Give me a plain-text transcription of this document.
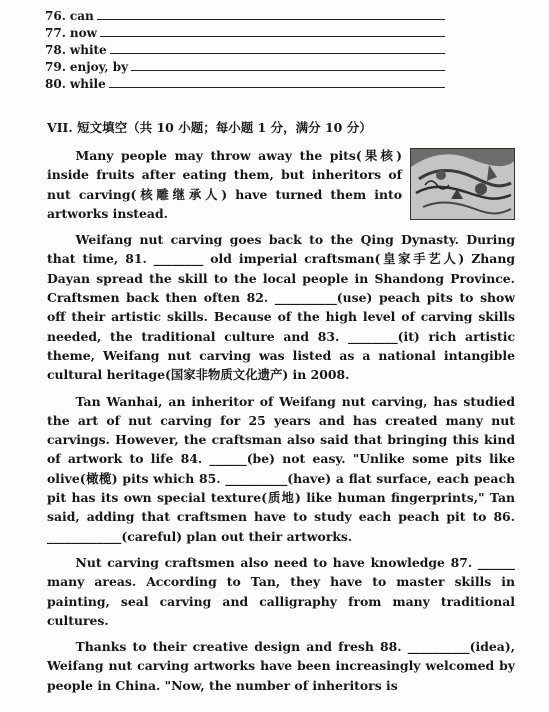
76. can
77. now
78. white
79. enjoy, by
80. while
VII. 短文填空（共 10 小题；每小题 1 分，满分 10 分）

Many people may throw away the pits(果核) inside fruits after eating them, but inheritors of nut carving(核雕继承人) have turned them into artworks instead.

Weifang nut carving goes back to the Qing Dynasty. During that time, 81. ________ old imperial craftsman(皇家手艺人) Zhang Dayan spread the skill to the local people in Shandong Province. Craftsmen back then often 82. __________(use) peach pits to show off their artistic skills. Because of the high level of carving skills needed, the traditional culture and 83. ________(it) rich artistic theme, Weifang nut carving was listed as a national intangible cultural heritage(国家非物质文化遗产) in 2008.

Tan Wanhai, an inheritor of Weifang nut carving, has studied the art of nut carving for 25 years and has created many nut carvings. However, the craftsman also said that bringing this kind of artwork to life 84. ______(be) not easy. "Unlike some pits like olive(橄榄) pits which 85. __________(have) a flat surface, each peach pit has its own special texture(质地) like human fingerprints," Tan said, adding that craftsmen have to study each peach pit to 86. ____________(careful) plan out their artworks.

Nut carving craftsmen also need to have knowledge 87. ______ many areas. According to Tan, they have to master skills in painting, seal carving and calligraphy from many traditional cultures.

Thanks to their creative design and fresh 88. __________(idea), Weifang nut carving artworks have been increasingly welcomed by people in China. "Now, the number of inheritors is
